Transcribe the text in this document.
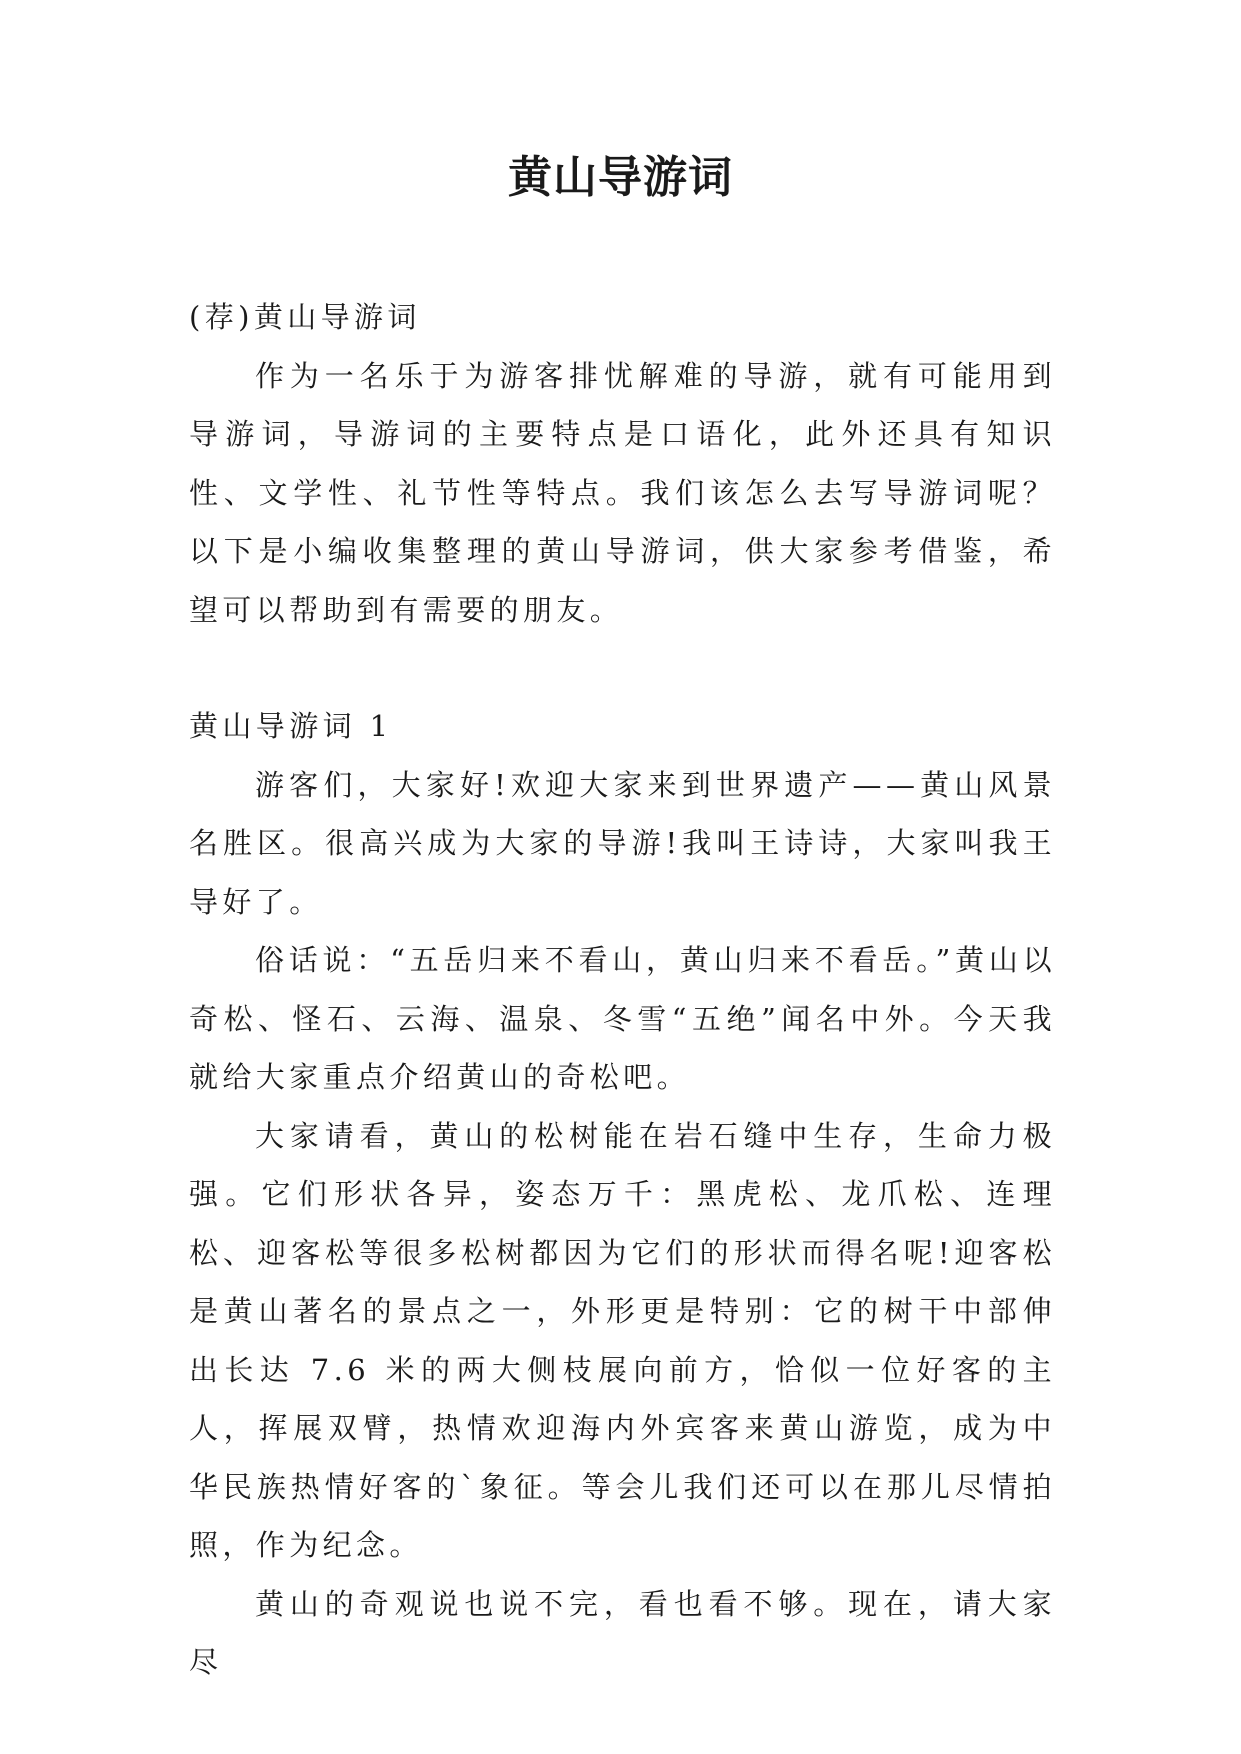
黄山导游词

(荐)黄山导游词

作为一名乐于为游客排忧解难的导游，就有可能用到导游词，导游词的主要特点是口语化，此外还具有知识性、文学性、礼节性等特点。我们该怎么去写导游词呢？以下是小编收集整理的黄山导游词，供大家参考借鉴，希望可以帮助到有需要的朋友。

黄山导游词 1

游客们，大家好!欢迎大家来到世界遗产——黄山风景名胜区。很高兴成为大家的导游!我叫王诗诗，大家叫我王导好了。

俗话说：“五岳归来不看山，黄山归来不看岳。”黄山以奇松、怪石、云海、温泉、冬雪“五绝”闻名中外。今天我就给大家重点介绍黄山的奇松吧。

大家请看，黄山的松树能在岩石缝中生存，生命力极强。它们形状各异，姿态万千：黑虎松、龙爪松、连理松、迎客松等很多松树都因为它们的形状而得名呢!迎客松是黄山著名的景点之一，外形更是特别：它的树干中部伸出长达 7.6 米的两大侧枝展向前方，恰似一位好客的主人，挥展双臂，热情欢迎海内外宾客来黄山游览，成为中华民族热情好客的`象征。等会儿我们还可以在那儿尽情拍照，作为纪念。

黄山的奇观说也说不完，看也看不够。现在，请大家尽
